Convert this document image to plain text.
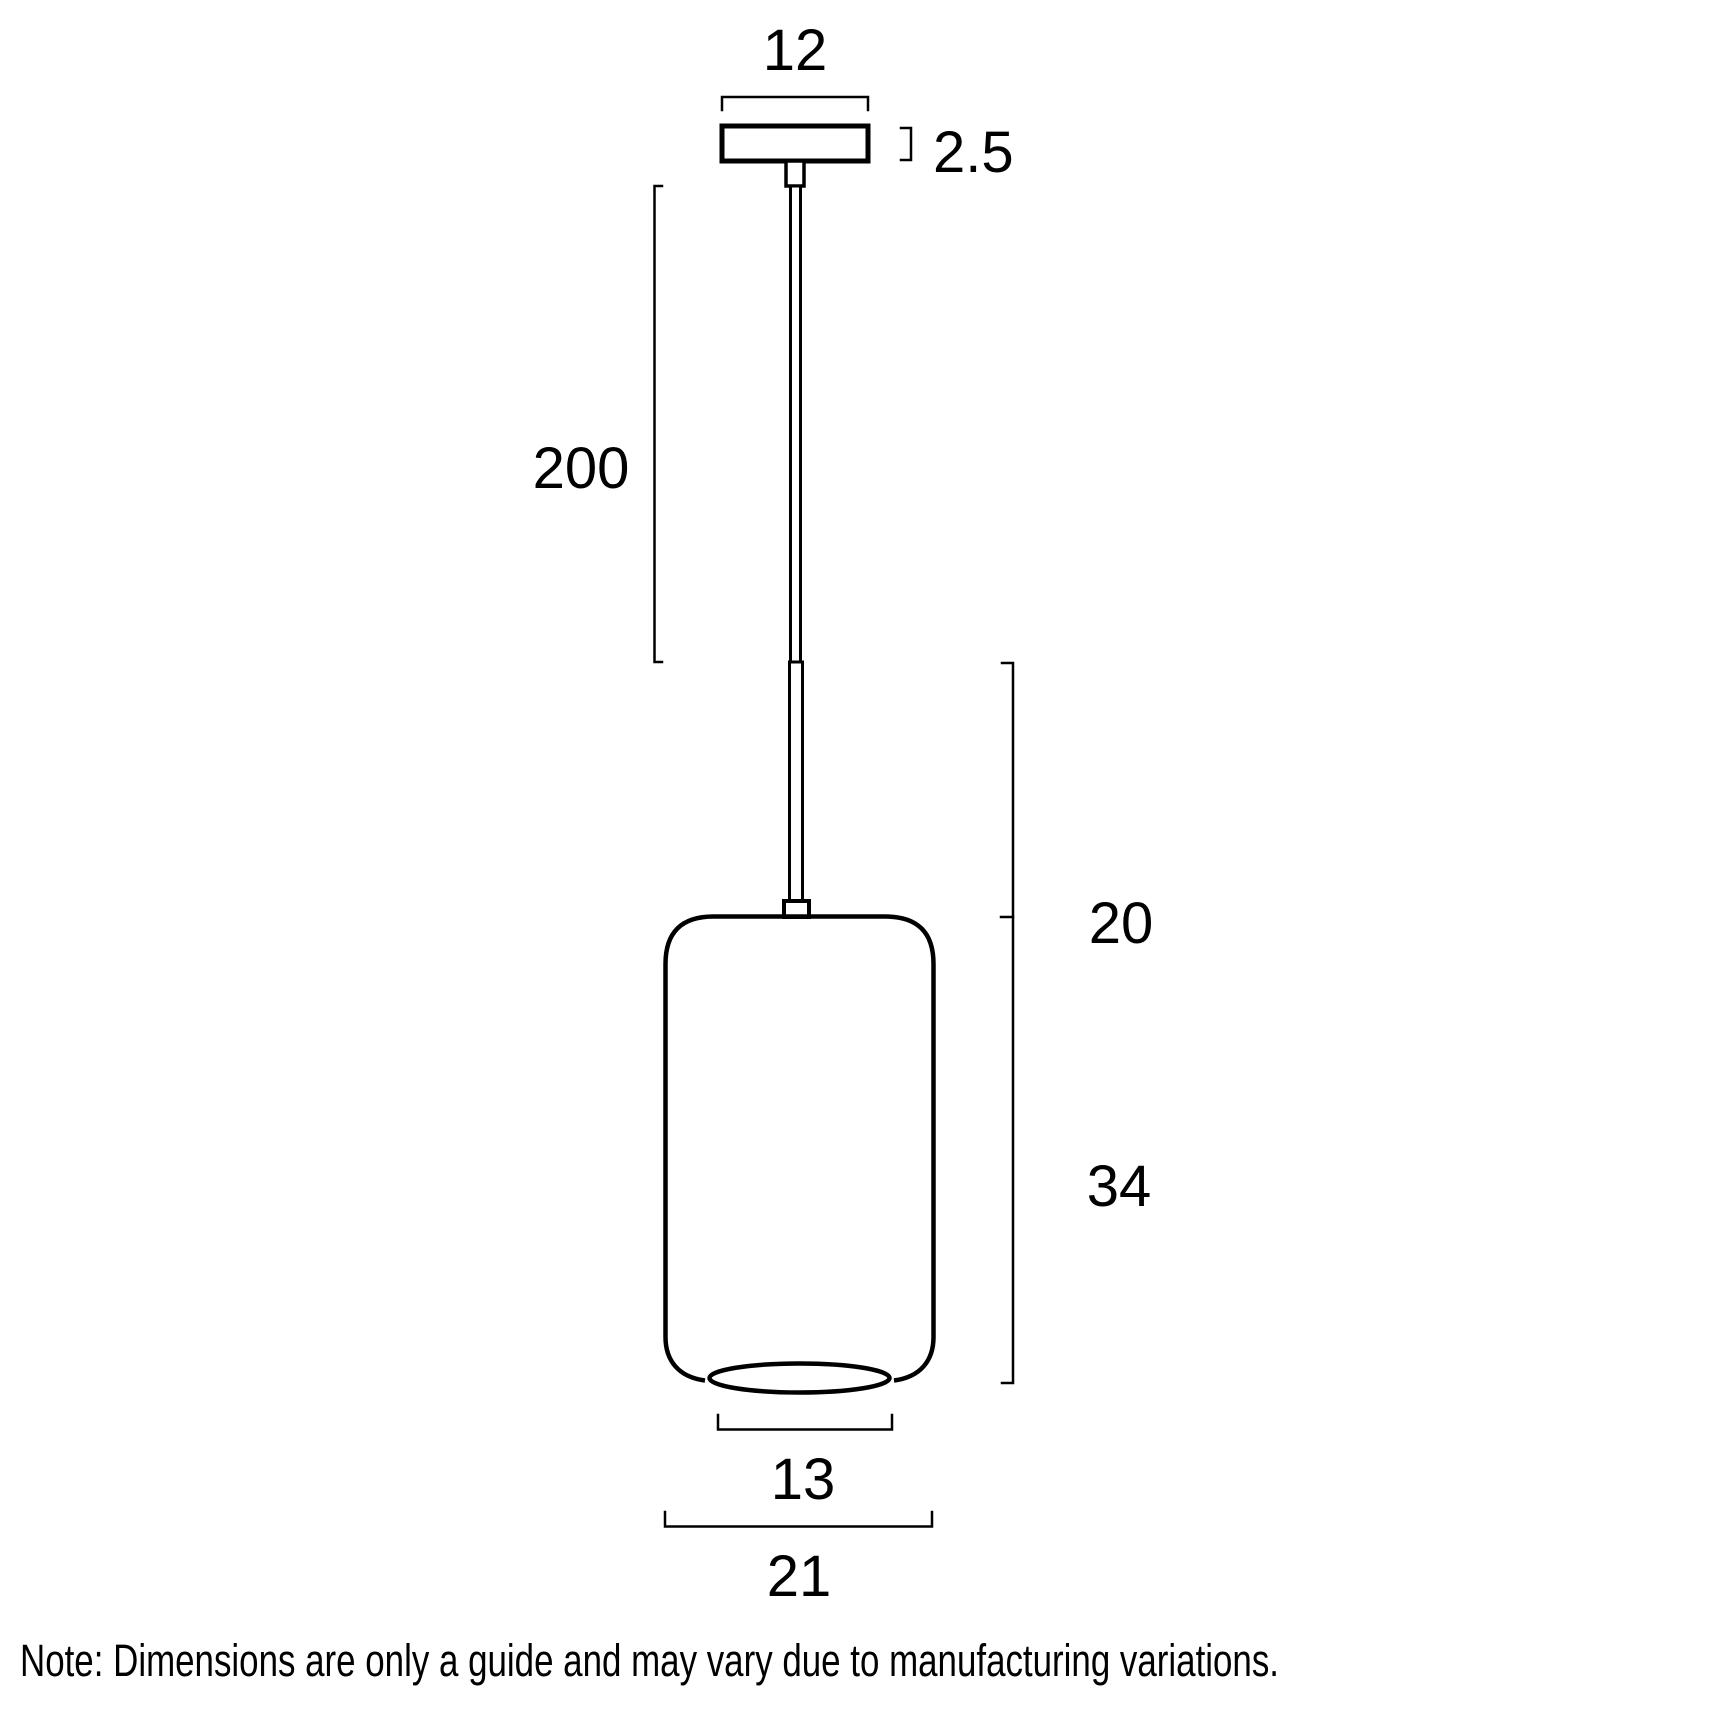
12
2.5
200
20
34
13
21
Note: Dimensions are only a guide and may vary due to manufacturing variations.
